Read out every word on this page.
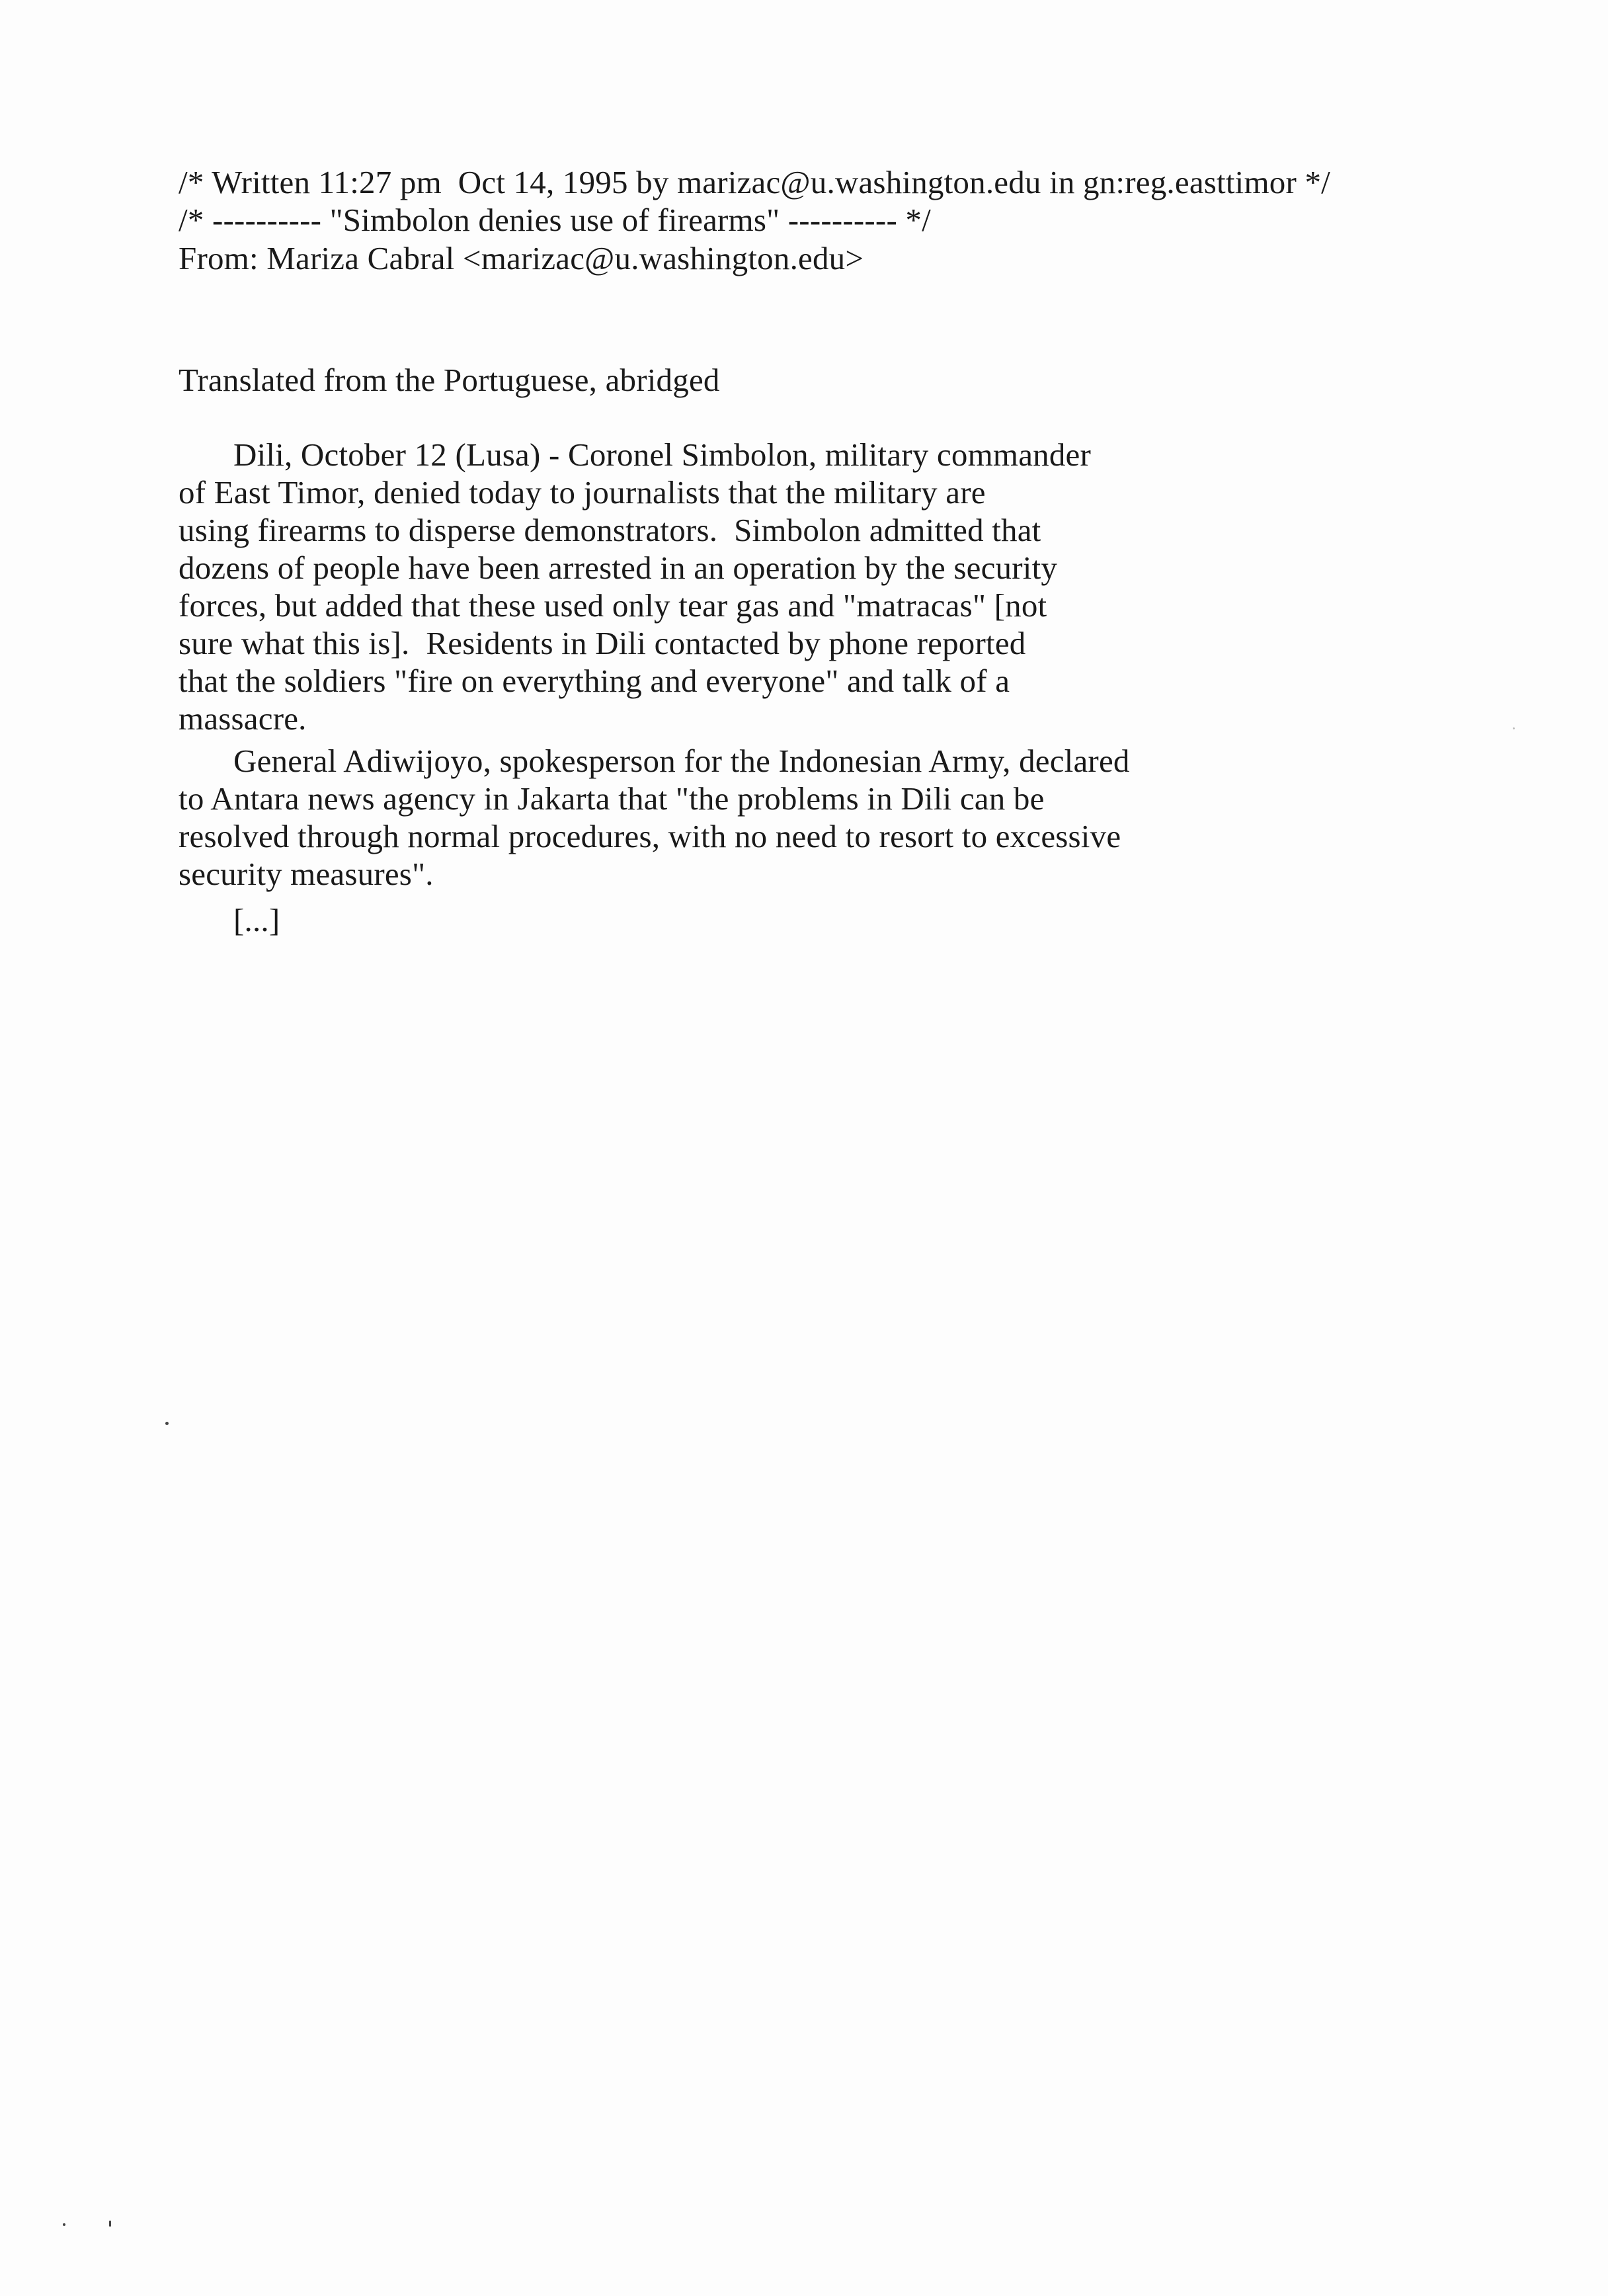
/* Written 11:27 pm  Oct 14, 1995 by marizac@u.washington.edu in gn:reg.easttimor */
/* ---------- "Simbolon denies use of firearms" ---------- */
From: Mariza Cabral <marizac@u.washington.edu>
Translated from the Portuguese, abridged
Dili, October 12 (Lusa) - Coronel Simbolon, military commander
of East Timor, denied today to journalists that the military are
using firearms to disperse demonstrators.  Simbolon admitted that
dozens of people have been arrested in an operation by the security
forces, but added that these used only tear gas and "matracas" [not
sure what this is].  Residents in Dili contacted by phone reported
that the soldiers "fire on everything and everyone" and talk of a
massacre.
General Adiwijoyo, spokesperson for the Indonesian Army, declared
to Antara news agency in Jakarta that "the problems in Dili can be
resolved through normal procedures, with no need to resort to excessive
security measures".
[...]
